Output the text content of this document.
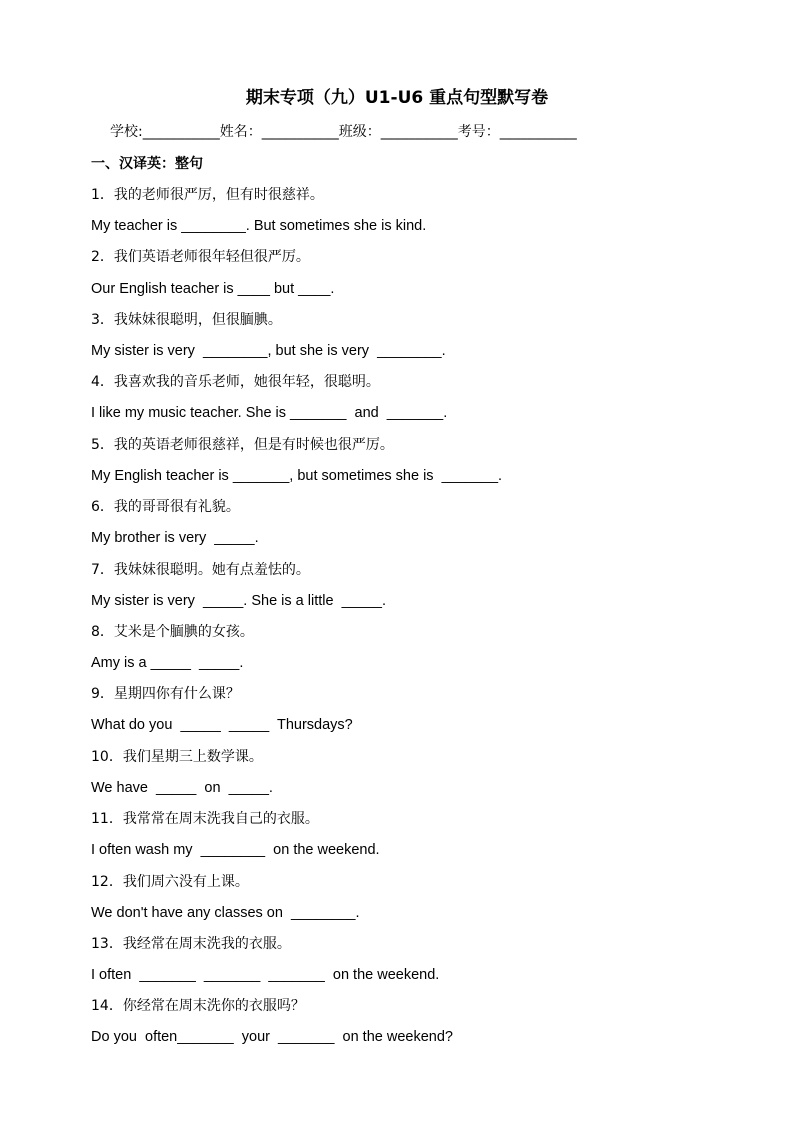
期末专项（九）U1-U6 重点句型默写卷
学校:___________姓名：___________班级：___________考号：___________
一、汉译英：整句
1．我的老师很严厉，但有时很慈祥。
My teacher is ________. But sometimes she is kind.
2．我们英语老师很年轻但很严厉。
Our English teacher is ____ but ____.
3．我妹妹很聪明，但很腼腆。
My sister is very  ________, but she is very  ________.
4．我喜欢我的音乐老师，她很年轻，很聪明。
I like my music teacher. She is _______  and  _______.
5．我的英语老师很慈祥，但是有时候也很严厉。
My English teacher is _______, but sometimes she is  _______.
6．我的哥哥很有礼貌。
My brother is very  _____.
7．我妹妹很聪明。她有点羞怯的。
My sister is very  _____. She is a little  _____.
8．艾米是个腼腆的女孩。
Amy is a _____  _____.
9．星期四你有什么课？
What do you  _____  _____  Thursdays?
10．我们星期三上数学课。
We have  _____  on  _____.
11．我常常在周末洗我自己的衣服。
I often wash my  ________  on the weekend.
12．我们周六没有上课。
We don't have any classes on  ________.
13．我经常在周末洗我的衣服。
I often  _______  _______  _______  on the weekend.
14．你经常在周末洗你的衣服吗？
Do you  often_______  your  _______  on the weekend?
